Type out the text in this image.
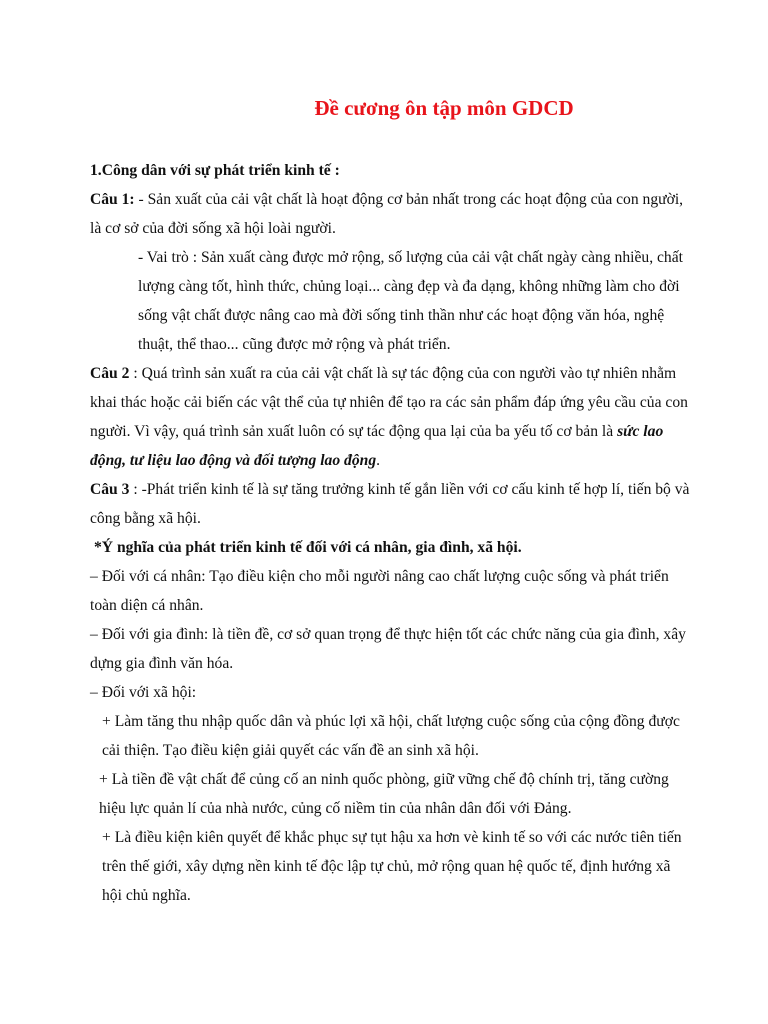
Đề cương ôn tập môn GDCD

1.Công dân với sự phát triển kinh tế :

Câu 1: - Sản xuất của cải vật chất là hoạt động cơ bản nhất trong các hoạt động của con người, là cơ sở của đời sống xã hội loài người.

- Vai trò : Sản xuất càng được mở rộng, số lượng của cải vật chất ngày càng nhiều, chất lượng càng tốt, hình thức, chủng loại... càng đẹp và đa dạng, không những làm cho đời sống vật chất được nâng cao mà đời sống tinh thần như các hoạt động văn hóa, nghệ thuật, thể thao... cũng được mở rộng và phát triển.

Câu 2 : Quá trình sản xuất ra của cải vật chất là sự tác động của con người vào tự nhiên nhằm khai thác hoặc cải biến các vật thể của tự nhiên để tạo ra các sản phẩm đáp ứng yêu cầu của con người. Vì vậy, quá trình sản xuất luôn có sự tác động qua lại của ba yếu tố cơ bản là sức lao động, tư liệu lao động và đối tượng lao động.

Câu 3 : -Phát triển kinh tế là sự tăng trưởng kinh tế gắn liền với cơ cấu kinh tế hợp lí, tiến bộ và công bằng xã hội.

*Ý nghĩa của phát triển kinh tế đối với cá nhân, gia đình, xã hội.

– Đối với cá nhân: Tạo điều kiện cho mỗi người nâng cao chất lượng cuộc sống và phát triển toàn diện cá nhân.

– Đối với gia đình: là tiền đề, cơ sở quan trọng để thực hiện tốt các chức năng của gia đình, xây dựng gia đình văn hóa.

– Đối với xã hội:

+ Làm tăng thu nhập quốc dân và phúc lợi xã hội, chất lượng cuộc sống của cộng đồng được cải thiện. Tạo điều kiện giải quyết các vấn đề an sinh xã hội.

+ Là tiền đề vật chất để củng cố an ninh quốc phòng, giữ vững chế độ chính trị, tăng cường hiệu lực quản lí của nhà nước, củng cố niềm tin của nhân dân đối với Đảng.

+ Là điều kiện kiên quyết để khắc phục sự tụt hậu xa hơn vè kinh tế so với các nước tiên tiến trên thế giới, xây dựng nền kinh tế độc lập tự chủ, mở rộng quan hệ quốc tế, định hướng xã hội chủ nghĩa.
